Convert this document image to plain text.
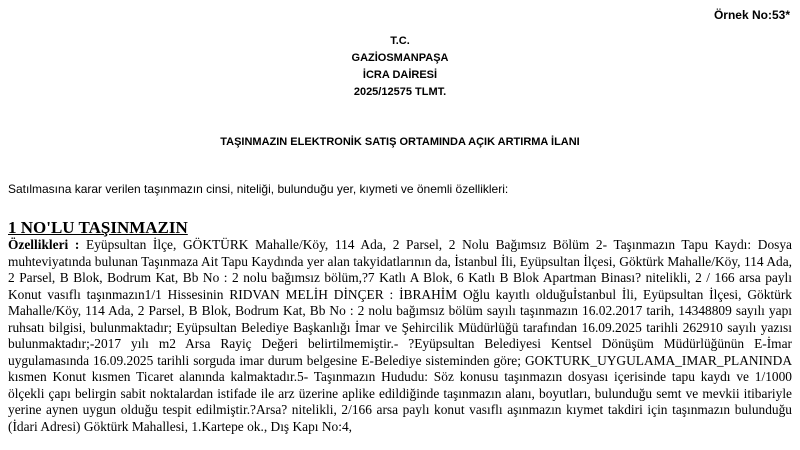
Örnek No:53*
T.C.
GAZİOSMANPAŞA
İCRA DAİRESİ
2025/12575 TLMT.
TAŞINMAZIN ELEKTRONİK SATIŞ ORTAMINDA AÇIK ARTIRMA İLANI
Satılmasına karar verilen taşınmazın cinsi, niteliği, bulunduğu yer, kıymeti ve önemli özellikleri:
1 NO'LU TAŞINMAZIN

Özellikleri : Eyüpsultan İlçe, GÖKTÜRK Mahalle/Köy, 114 Ada, 2 Parsel, 2 Nolu Bağımsız Bölüm 2- Taşınmazın Tapu Kaydı: Dosya muhteviyatında bulunan Taşınmaza Ait Tapu Kaydında yer alan takyidatlarının da, İstanbul İli, Eyüpsultan İlçesi, Göktürk Mahalle/Köy, 114 Ada, 2 Parsel, B Blok, Bodrum Kat, Bb No : 2 nolu bağımsız bölüm,?7 Katlı A Blok, 6 Katlı B Blok Apartman Binası? nitelikli, 2 / 166 arsa paylı Konut vasıflı taşınmazın1/1 Hissesinin RIDVAN MELİH DİNÇER : İBRAHİM Oğlu kayıtlı olduğuİstanbul İli, Eyüpsultan İlçesi, Göktürk Mahalle/Köy, 114 Ada, 2 Parsel, B Blok, Bodrum Kat, Bb No : 2 nolu bağımsız bölüm sayılı taşınmazın 16.02.2017 tarih, 14348809 sayılı yapı ruhsatı bilgisi, bulunmaktadır; Eyüpsultan Belediye Başkanlığı İmar ve Şehircilik Müdürlüğü tarafından 16.09.2025 tarihli 262910 sayılı yazısı bulunmaktadır;-2017 yılı m2 Arsa Rayiç Değeri belirtilmemiştir.- ?Eyüpsultan Belediyesi Kentsel Dönüşüm Müdürlüğünün E-İmar uygulamasında 16.09.2025 tarihli sorguda imar durum belgesine E-Belediye sisteminden göre; GOKTURK_UYGULAMA_IMAR_PLANINDA kısmen Konut kısmen Ticaret alanında kalmaktadır.5- Taşınmazın Hududu: Söz konusu taşınmazın dosyası içerisinde tapu kaydı ve 1/1000 ölçekli çapı belirgin sabit noktalardan istifade ile arz üzerine aplike edildiğinde taşınmazın alanı, boyutları, bulunduğu semt ve mevkii itibariyle yerine aynen uygun olduğu tespit edilmiştir.?Arsa? nitelikli, 2/166 arsa paylı konut vasıflı aşınmazın kıymet takdiri için taşınmazın bulunduğu (İdari Adresi) Göktürk Mahallesi, 1.Kartepe ok., Dış Kapı No:4,
